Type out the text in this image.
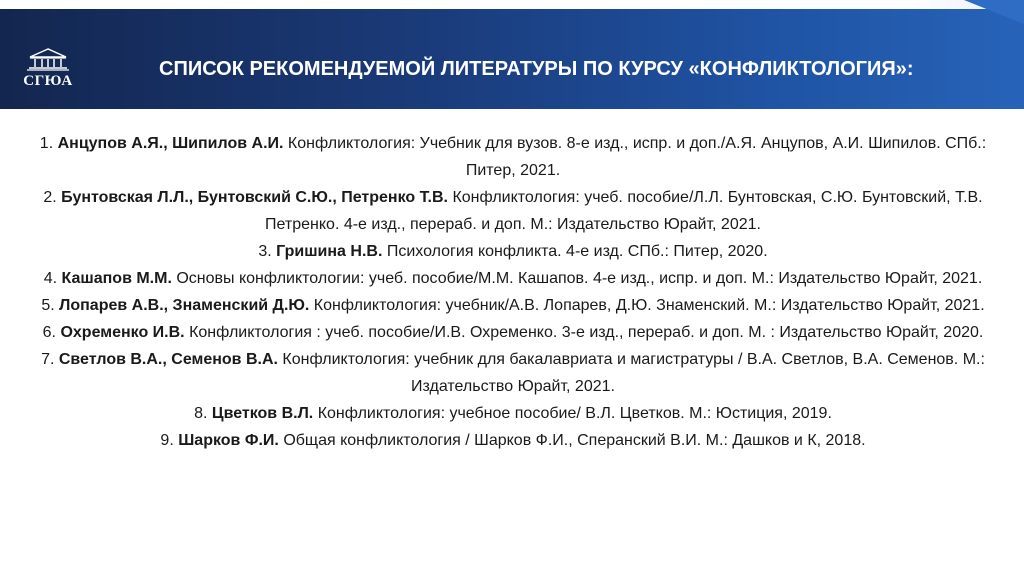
СГЮА
СПИСОК РЕКОМЕНДУЕМОЙ ЛИТЕРАТУРЫ ПО КУРСУ «КОНФЛИКТОЛОГИЯ»:
1. Анцупов А.Я., Шипилов А.И. Конфликтология: Учебник для вузов. 8-е изд., испр. и доп./А.Я. Анцупов, А.И. Шипилов. СПб.: Питер, 2021.
2. Бунтовская Л.Л., Бунтовский С.Ю., Петренко Т.В. Конфликтология: учеб. пособие/Л.Л. Бунтовская, С.Ю. Бунтовский, Т.В. Петренко. 4-е изд., перераб. и доп. М.: Издательство Юрайт, 2021.
3. Гришина Н.В. Психология конфликта. 4-е изд. СПб.: Питер, 2020.
4. Кашапов М.М. Основы конфликтологии: учеб. пособие/М.М. Кашапов. 4-е изд., испр. и доп. М.: Издательство Юрайт, 2021.
5. Лопарев А.В., Знаменский Д.Ю. Конфликтология: учебник/А.В. Лопарев, Д.Ю. Знаменский. М.: Издательство Юрайт, 2021.
6. Охременко И.В. Конфликтология : учеб. пособие/И.В. Охременко. 3-е изд., перераб. и доп. М. : Издательство Юрайт, 2020.
7. Светлов В.А., Семенов В.А. Конфликтология: учебник для бакалавриата и магистратуры / В.А. Светлов, В.А. Семенов. М.: Издательство Юрайт, 2021.
8. Цветков В.Л. Конфликтология: учебное пособие/ В.Л. Цветков. М.: Юстиция, 2019.
9. Шарков Ф.И. Общая конфликтология / Шарков Ф.И., Сперанский В.И. М.: Дашков и К, 2018.
